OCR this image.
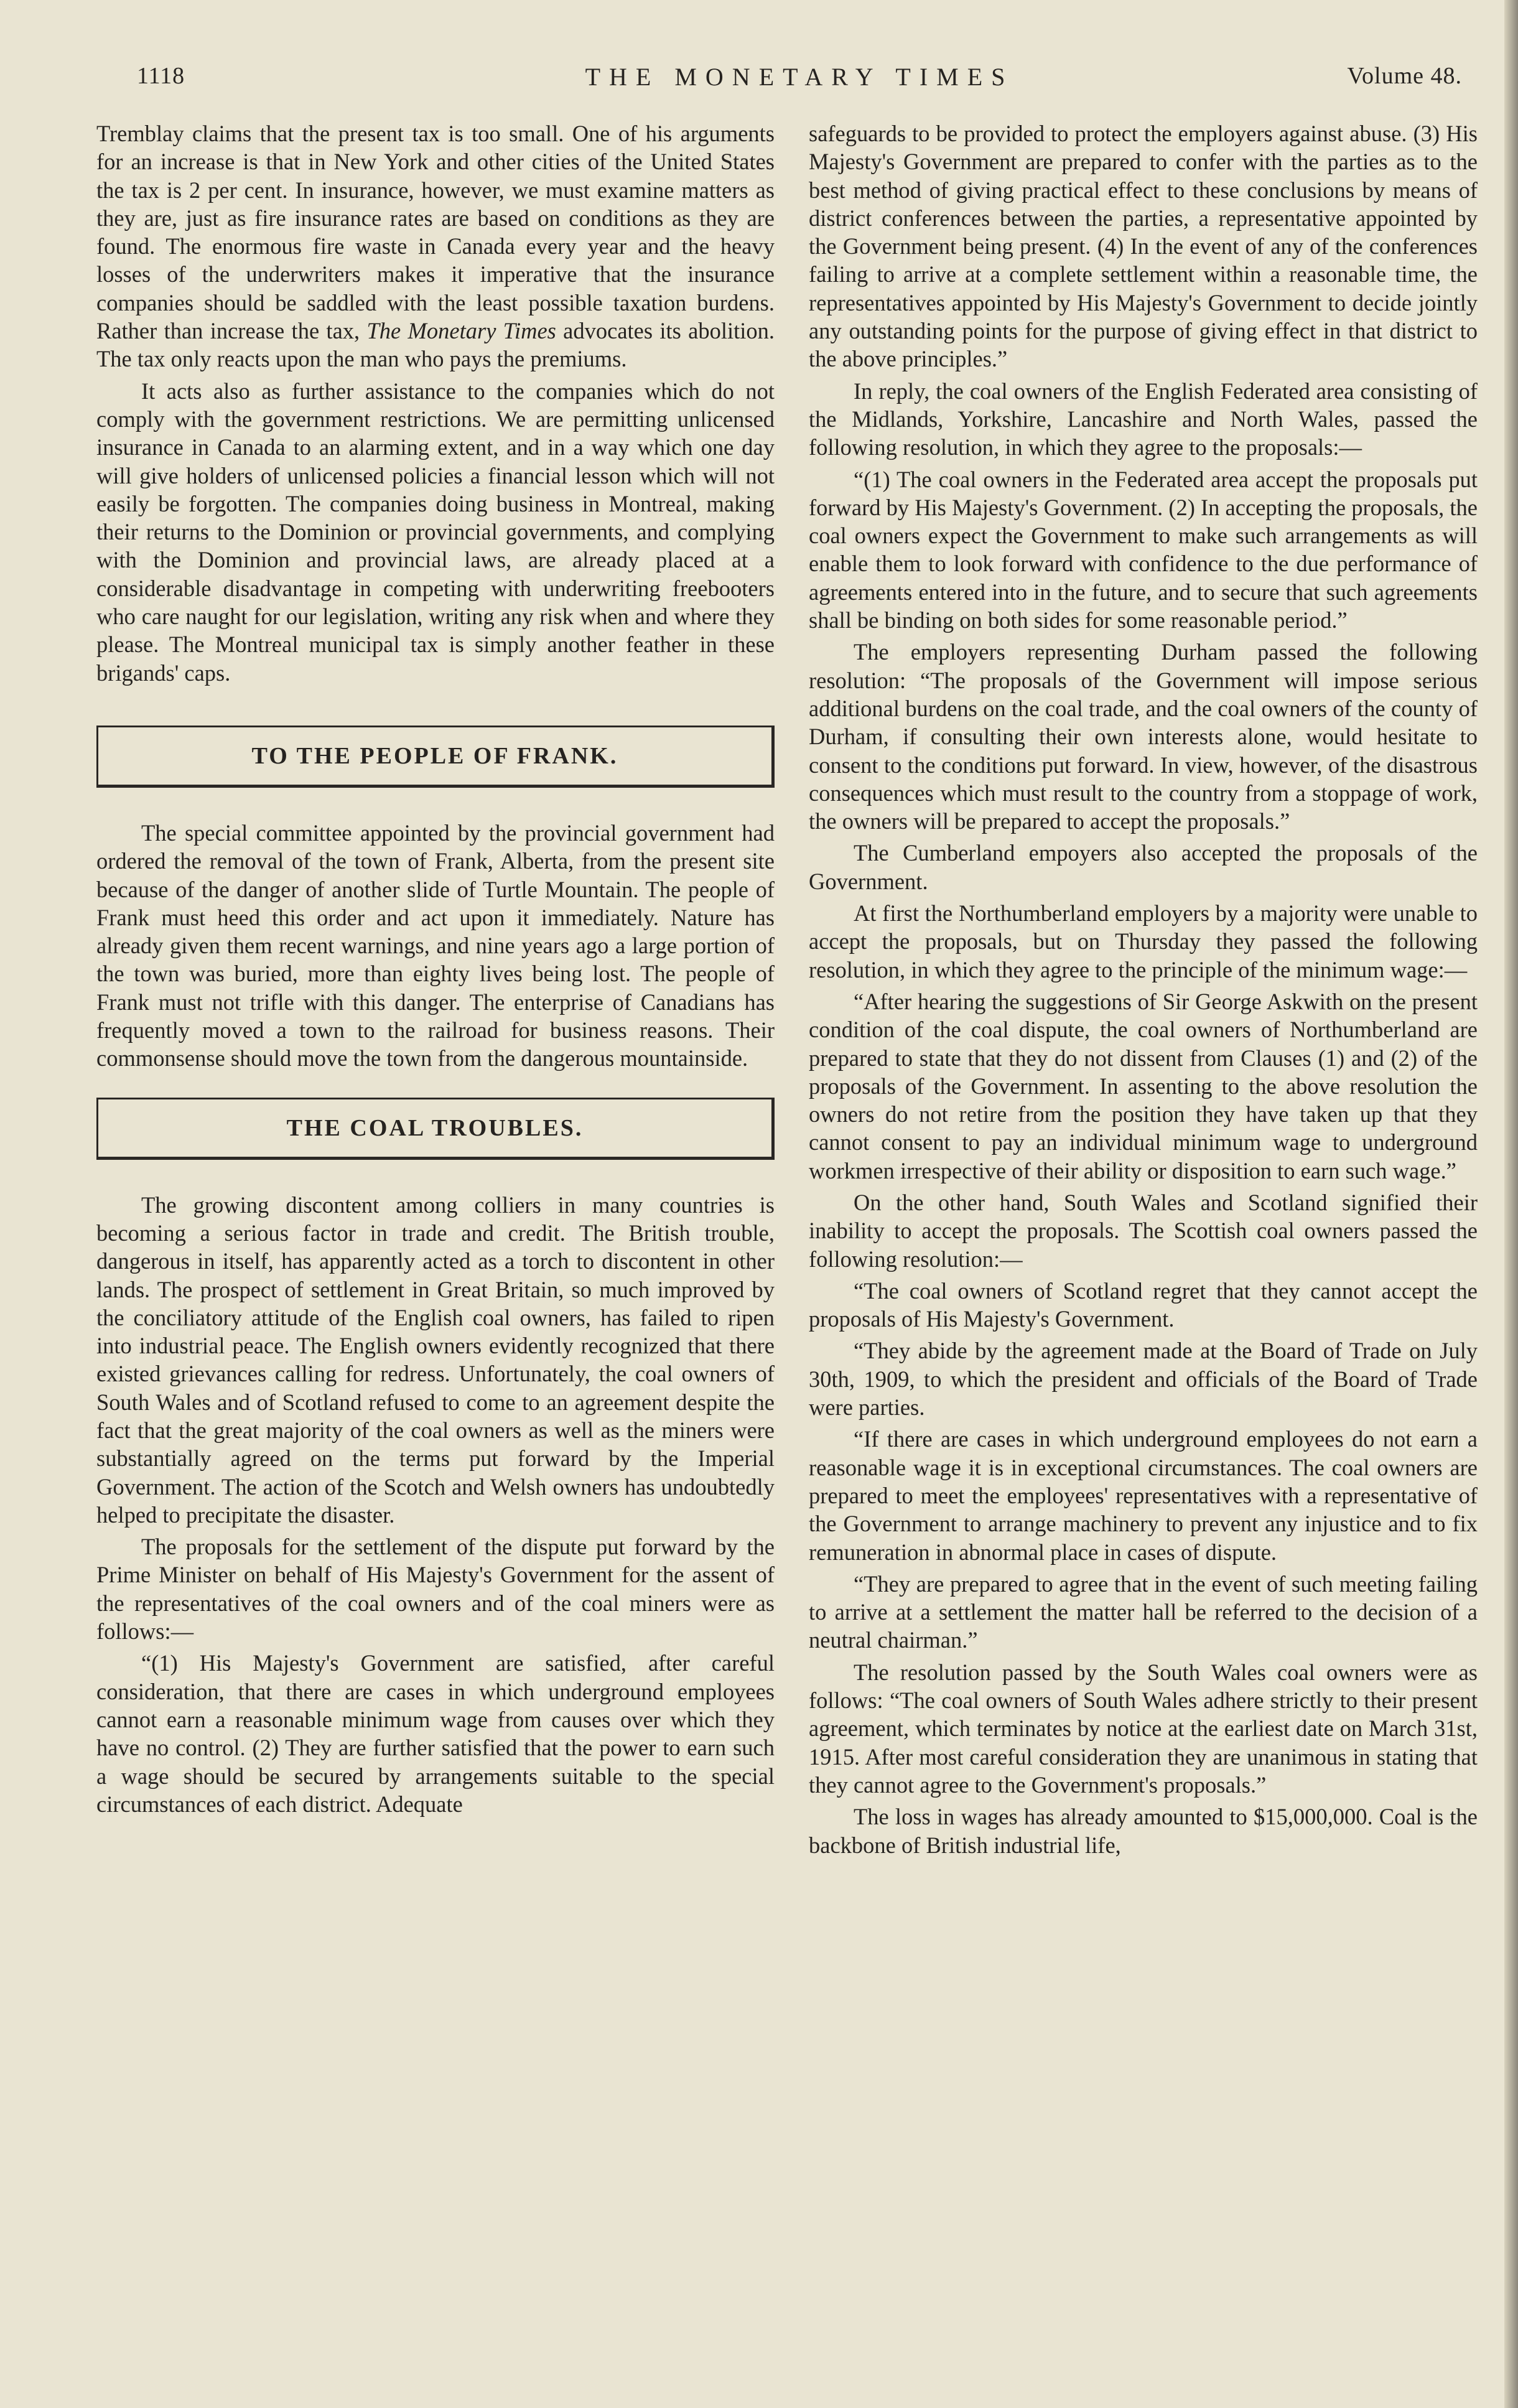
1118	THE MONETARY TIMES	Volume 48.

Tremblay claims that the present tax is too small. One of his arguments for an increase is that in New York and other cities of the United States the tax is 2 per cent. In insurance, however, we must examine matters as they are, just as fire insurance rates are based on conditions as they are found. The enormous fire waste in Canada every year and the heavy losses of the underwriters makes it imperative that the insurance companies should be saddled with the least possible taxation burdens. Rather than increase the tax, The Monetary Times advocates its abolition. The tax only reacts upon the man who pays the premiums.

It acts also as further assistance to the companies which do not comply with the government restrictions. We are permitting unlicensed insurance in Canada to an alarming extent, and in a way which one day will give holders of unlicensed policies a financial lesson which will not easily be forgotten. The companies doing business in Montreal, making their returns to the Dominion or provincial governments, and complying with the Dominion and provincial laws, are already placed at a considerable disadvantage in competing with underwriting freebooters who care naught for our legislation, writing any risk when and where they please. The Montreal municipal tax is simply another feather in these brigands' caps.

TO THE PEOPLE OF FRANK.

The special committee appointed by the provincial government had ordered the removal of the town of Frank, Alberta, from the present site because of the danger of another slide of Turtle Mountain. The people of Frank must heed this order and act upon it immediately. Nature has already given them recent warnings, and nine years ago a large portion of the town was buried, more than eighty lives being lost. The people of Frank must not trifle with this danger. The enterprise of Canadians has frequently moved a town to the railroad for business reasons. Their commonsense should move the town from the dangerous mountainside.

THE COAL TROUBLES.

The growing discontent among colliers in many countries is becoming a serious factor in trade and credit. The British trouble, dangerous in itself, has apparently acted as a torch to discontent in other lands. The prospect of settlement in Great Britain, so much improved by the conciliatory attitude of the English coal owners, has failed to ripen into industrial peace. The English owners evidently recognized that there existed grievances calling for redress. Unfortunately, the coal owners of South Wales and of Scotland refused to come to an agreement despite the fact that the great majority of the coal owners as well as the miners were substantially agreed on the terms put forward by the Imperial Government. The action of the Scotch and Welsh owners has undoubtedly helped to precipitate the disaster.

The proposals for the settlement of the dispute put forward by the Prime Minister on behalf of His Majesty's Government for the assent of the representatives of the coal owners and of the coal miners were as follows:—

“(1) His Majesty's Government are satisfied, after careful consideration, that there are cases in which underground employees cannot earn a reasonable minimum wage from causes over which they have no control. (2) They are further satisfied that the power to earn such a wage should be secured by arrangements suitable to the special circumstances of each district. Adequate

safeguards to be provided to protect the employers against abuse. (3) His Majesty's Government are prepared to confer with the parties as to the best method of giving practical effect to these conclusions by means of district conferences between the parties, a representative appointed by the Government being present. (4) In the event of any of the conferences failing to arrive at a complete settlement within a reasonable time, the representatives appointed by His Majesty's Government to decide jointly any outstanding points for the purpose of giving effect in that district to the above principles.”

In reply, the coal owners of the English Federated area consisting of the Midlands, Yorkshire, Lancashire and North Wales, passed the following resolution, in which they agree to the proposals:—

“(1) The coal owners in the Federated area accept the proposals put forward by His Majesty's Government. (2) In accepting the proposals, the coal owners expect the Government to make such arrangements as will enable them to look forward with confidence to the due performance of agreements entered into in the future, and to secure that such agreements shall be binding on both sides for some reasonable period.”

The employers representing Durham passed the following resolution: “The proposals of the Government will impose serious additional burdens on the coal trade, and the coal owners of the county of Durham, if consulting their own interests alone, would hesitate to consent to the conditions put forward. In view, however, of the disastrous consequences which must result to the country from a stoppage of work, the owners will be prepared to accept the proposals.”

The Cumberland empoyers also accepted the proposals of the Government.

At first the Northumberland employers by a majority were unable to accept the proposals, but on Thursday they passed the following resolution, in which they agree to the principle of the minimum wage:—

“After hearing the suggestions of Sir George Askwith on the present condition of the coal dispute, the coal owners of Northumberland are prepared to state that they do not dissent from Clauses (1) and (2) of the proposals of the Government. In assenting to the above resolution the owners do not retire from the position they have taken up that they cannot consent to pay an individual minimum wage to underground workmen irrespective of their ability or disposition to earn such wage.”

On the other hand, South Wales and Scotland signified their inability to accept the proposals. The Scottish coal owners passed the following resolution:—

“The coal owners of Scotland regret that they cannot accept the proposals of His Majesty's Government.

“They abide by the agreement made at the Board of Trade on July 30th, 1909, to which the president and officials of the Board of Trade were parties.

“If there are cases in which underground employees do not earn a reasonable wage it is in exceptional circumstances. The coal owners are prepared to meet the employees' representatives with a representative of the Government to arrange machinery to prevent any injustice and to fix remuneration in abnormal place in cases of dispute.

“They are prepared to agree that in the event of such meeting failing to arrive at a settlement the matter hall be referred to the decision of a neutral chairman.”

The resolution passed by the South Wales coal owners were as follows: “The coal owners of South Wales adhere strictly to their present agreement, which terminates by notice at the earliest date on March 31st, 1915. After most careful consideration they are unanimous in stating that they cannot agree to the Government's proposals.”

The loss in wages has already amounted to $15,000,000. Coal is the backbone of British industrial life,
